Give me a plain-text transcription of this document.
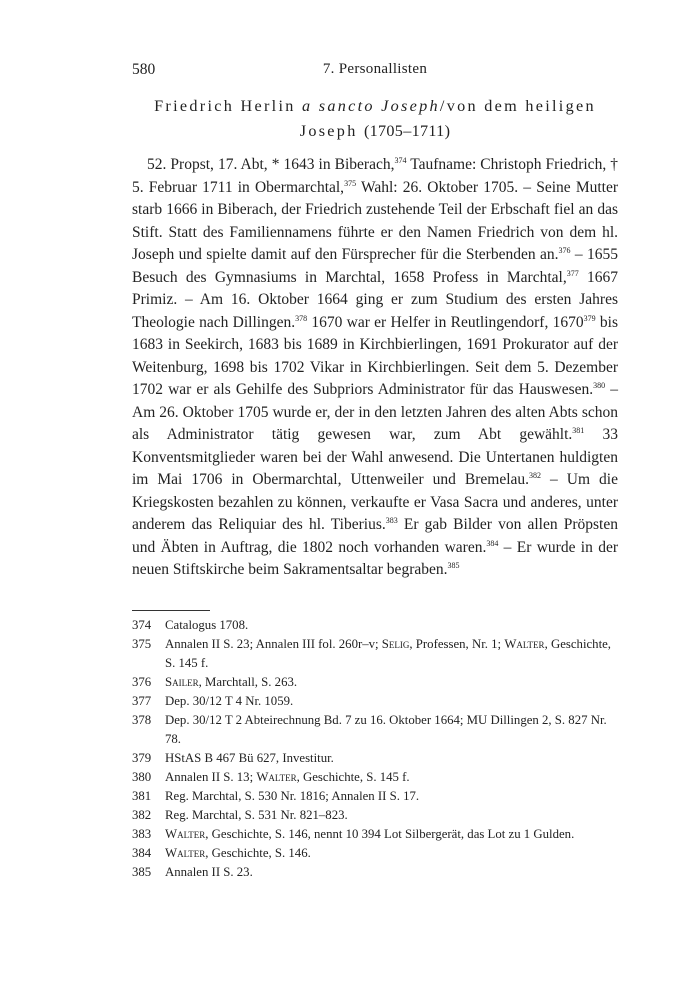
580	7. Personallisten
Friedrich Herlin a sancto Joseph/von dem heiligen Joseph (1705–1711)

52. Propst, 17. Abt, * 1643 in Biberach,$^{374}$ Taufname: Christoph Friedrich, † 5. Februar 1711 in Obermarchtal,$^{375}$ Wahl: 26. Oktober 1705. – Seine Mutter starb 1666 in Biberach, der Friedrich zustehende Teil der Erbschaft fiel an das Stift. Statt des Familiennamens führte er den Namen Friedrich von dem hl. Joseph und spielte damit auf den Fürsprecher für die Sterbenden an.$^{376}$ – 1655 Besuch des Gymnasiums in Marchtal, 1658 Profess in Marchtal,$^{377}$ 1667 Primiz. – Am 16. Oktober 1664 ging er zum Studium des ersten Jahres Theologie nach Dillingen.$^{378}$ 1670 war er Helfer in Reutlingendorf, 1670$^{379}$ bis 1683 in Seekirch, 1683 bis 1689 in Kirchbierlingen, 1691 Prokurator auf der Weitenburg, 1698 bis 1702 Vikar in Kirchbierlingen. Seit dem 5. Dezember 1702 war er als Gehilfe des Subpriors Administrator für das Hauswesen.$^{380}$ – Am 26. Oktober 1705 wurde er, der in den letzten Jahren des alten Abts schon als Administrator tätig gewesen war, zum Abt gewählt.$^{381}$ 33 Konventsmitglieder waren bei der Wahl anwesend. Die Untertanen huldigten im Mai 1706 in Obermarchtal, Uttenweiler und Bremelau.$^{382}$ – Um die Kriegskosten bezahlen zu können, verkaufte er Vasa Sacra und anderes, unter anderem das Reliquiar des hl. Tiberius.$^{383}$ Er gab Bilder von allen Pröpsten und Äbten in Auftrag, die 1802 noch vorhanden waren.$^{384}$ – Er wurde in der neuen Stiftskirche beim Sakramentsaltar begraben.$^{385}$

374	Catalogus 1708.
375	Annalen II S. 23; Annalen III fol. 260r–v; Selig, Professen, Nr. 1; Walter, Geschichte, S. 145 f.
376	Sailer, Marchtall, S. 263.
377	Dep. 30/12 T 4 Nr. 1059.
378	Dep. 30/12 T 2 Abteirechnung Bd. 7 zu 16. Oktober 1664; MU Dillingen 2, S. 827 Nr. 78.
379	HStAS B 467 Bü 627, Investitur.
380	Annalen II S. 13; Walter, Geschichte, S. 145 f.
381	Reg. Marchtal, S. 530 Nr. 1816; Annalen II S. 17.
382	Reg. Marchtal, S. 531 Nr. 821–823.
383	Walter, Geschichte, S. 146, nennt 10 394 Lot Silbergerät, das Lot zu 1 Gulden.
384	Walter, Geschichte, S. 146.
385	Annalen II S. 23.
